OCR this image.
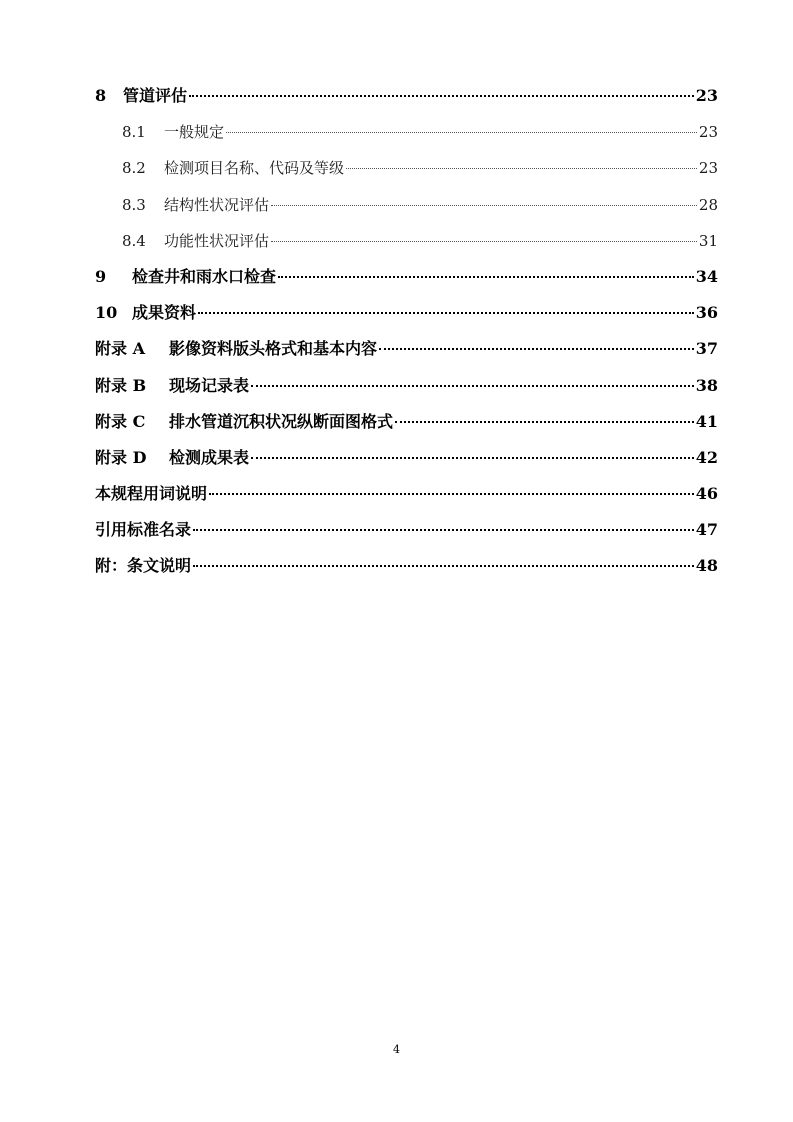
8	管道评估	23
8.1	一般规定	23
8.2	检测项目名称、代码及等级	23
8.3	结构性状况评估	28
8.4	功能性状况评估	31
9	检查井和雨水口检查	34
10 成果资料	36
附录 A	影像资料版头格式和基本内容	37
附录 B	现场记录表	38
附录 C	排水管道沉积状况纵断面图格式	41
附录 D	检测成果表	42
本规程用词说明	46
引用标准名录	47
附：条文说明	48
4
